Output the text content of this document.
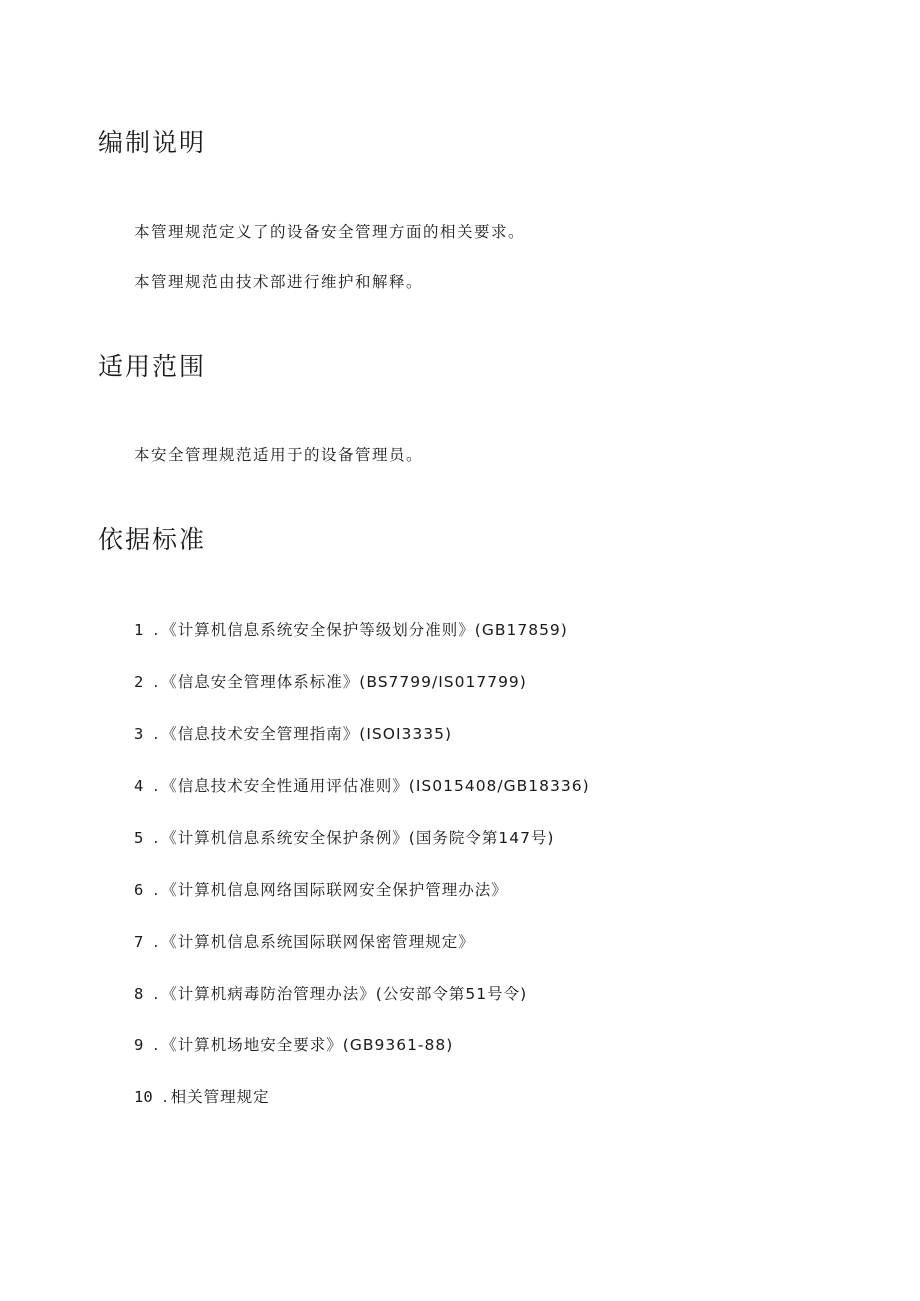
编制说明

本管理规范定义了的设备安全管理方面的相关要求。

本管理规范由技术部进行维护和解释。

适用范围

本安全管理规范适用于的设备管理员。

依据标准
1 . 《计算机信息系统安全保护等级划分准则》 (GB17859)
2 . 《信息安全管理体系标准》 (BS7799/IS017799)
3 . 《信息技术安全管理指南》 (ISOI3335)
4 . 《信息技术安全性通用评估准则》 (IS015408/GB18336)
5 . 《计算机信息系统安全保护条例》 (国务院令第147号)
6 . 《计算机信息网络国际联网安全保护管理办法》
7 . 《计算机信息系统国际联网保密管理规定》
8 . 《计算机病毒防治管理办法》 (公安部令第51号令)
9 . 《计算机场地安全要求》 (GB9361-88)
10 . 相关管理规定
